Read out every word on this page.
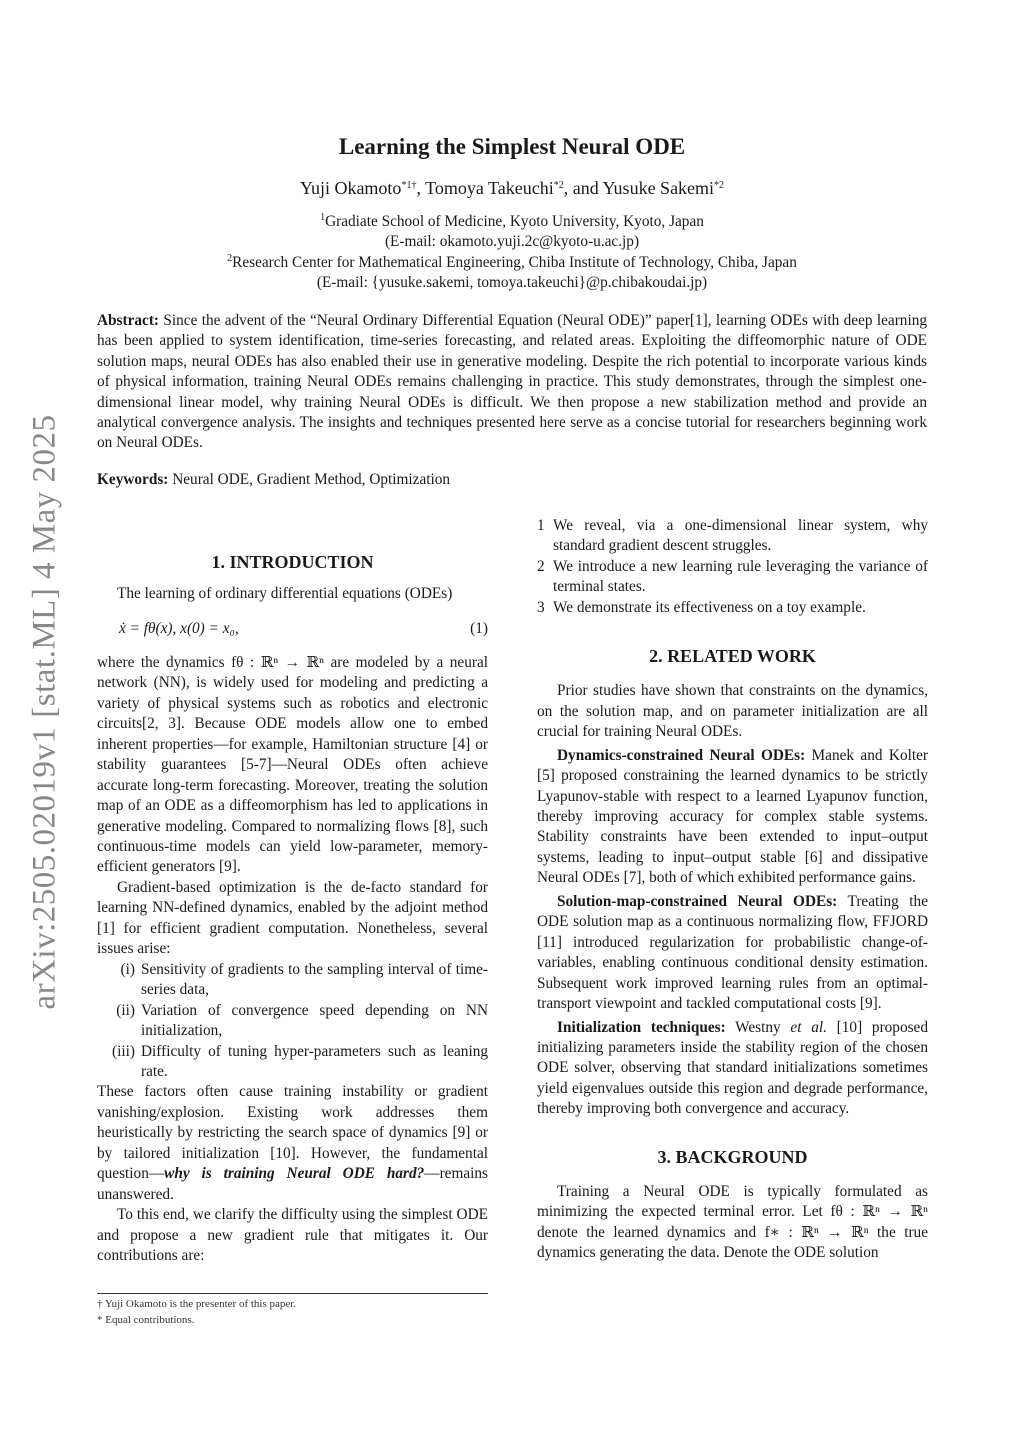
arXiv:2505.02019v1 [stat.ML] 4 May 2025
Learning the Simplest Neural ODE
Yuji Okamoto$^{*1\dagger}$, Tomoya Takeuchi$^{*2}$, and Yusuke Sakemi$^{*2}$
$^1$Gradiate School of Medicine, Kyoto University, Kyoto, Japan
(E-mail: okamoto.yuji.2c@kyoto-u.ac.jp)
$^2$Research Center for Mathematical Engineering, Chiba Institute of Technology, Chiba, Japan
(E-mail: {yusuke.sakemi, tomoya.takeuchi}@p.chibakoudai.jp)
Abstract: Since the advent of the “Neural Ordinary Differential Equation (Neural ODE)” paper[1], learning ODEs with deep learning has been applied to system identification, time-series forecasting, and related areas. Exploiting the diffeomorphic nature of ODE solution maps, neural ODEs has also enabled their use in generative modeling. Despite the rich potential to incorporate various kinds of physical information, training Neural ODEs remains challenging in practice. This study demonstrates, through the simplest one-dimensional linear model, why training Neural ODEs is difficult. We then propose a new stabilization method and provide an analytical convergence analysis. The insights and techniques presented here serve as a concise tutorial for researchers beginning work on Neural ODEs.
Keywords: Neural ODE, Gradient Method, Optimization
1. INTRODUCTION

The learning of ordinary differential equations (ODEs)

ẋ = fθ(x), x(0) = x₀,	(1)

where the dynamics fθ : ℝⁿ → ℝⁿ are modeled by a neural network (NN), is widely used for modeling and predicting a variety of physical systems such as robotics and electronic circuits[2, 3]. Because ODE models allow one to embed inherent properties—for example, Hamiltonian structure [4] or stability guarantees [5-7]—Neural ODEs often achieve accurate long-term forecasting. Moreover, treating the solution map of an ODE as a diffeomorphism has led to applications in generative modeling. Compared to normalizing flows [8], such continuous-time models can yield low-parameter, memory-efficient generators [9].

Gradient-based optimization is the de-facto standard for learning NN-defined dynamics, enabled by the adjoint method [1] for efficient gradient computation. Nonetheless, several issues arise:

(i) Sensitivity of gradients to the sampling interval of time-series data,
(ii) Variation of convergence speed depending on NN initialization,
(iii) Difficulty of tuning hyper-parameters such as leaning rate.

These factors often cause training instability or gradient vanishing/explosion. Existing work addresses them heuristically by restricting the search space of dynamics [9] or by tailored initialization [10]. However, the fundamental question—why is training Neural ODE hard?—remains unanswered.

To this end, we clarify the difficulty using the simplest ODE and propose a new gradient rule that mitigates it. Our contributions are:

† Yuji Okamoto is the presenter of this paper.
* Equal contributions.
1 We reveal, via a one-dimensional linear system, why standard gradient descent struggles.
2 We introduce a new learning rule leveraging the variance of terminal states.
3 We demonstrate its effectiveness on a toy example.
2. RELATED WORK

Prior studies have shown that constraints on the dynamics, on the solution map, and on parameter initialization are all crucial for training Neural ODEs.

Dynamics-constrained Neural ODEs: Manek and Kolter [5] proposed constraining the learned dynamics to be strictly Lyapunov-stable with respect to a learned Lyapunov function, thereby improving accuracy for complex stable systems. Stability constraints have been extended to input–output systems, leading to input–output stable [6] and dissipative Neural ODEs [7], both of which exhibited performance gains.

Solution-map-constrained Neural ODEs: Treating the ODE solution map as a continuous normalizing flow, FFJORD [11] introduced regularization for probabilistic change-of-variables, enabling continuous conditional density estimation. Subsequent work improved learning rules from an optimal-transport viewpoint and tackled computational costs [9].

Initialization techniques: Westny et al. [10] proposed initializing parameters inside the stability region of the chosen ODE solver, observing that standard initializations sometimes yield eigenvalues outside this region and degrade performance, thereby improving both convergence and accuracy.

3. BACKGROUND

Training a Neural ODE is typically formulated as minimizing the expected terminal error. Let fθ : ℝⁿ → ℝⁿ denote the learned dynamics and f∗ : ℝⁿ → ℝⁿ the true dynamics generating the data. Denote the ODE solution
